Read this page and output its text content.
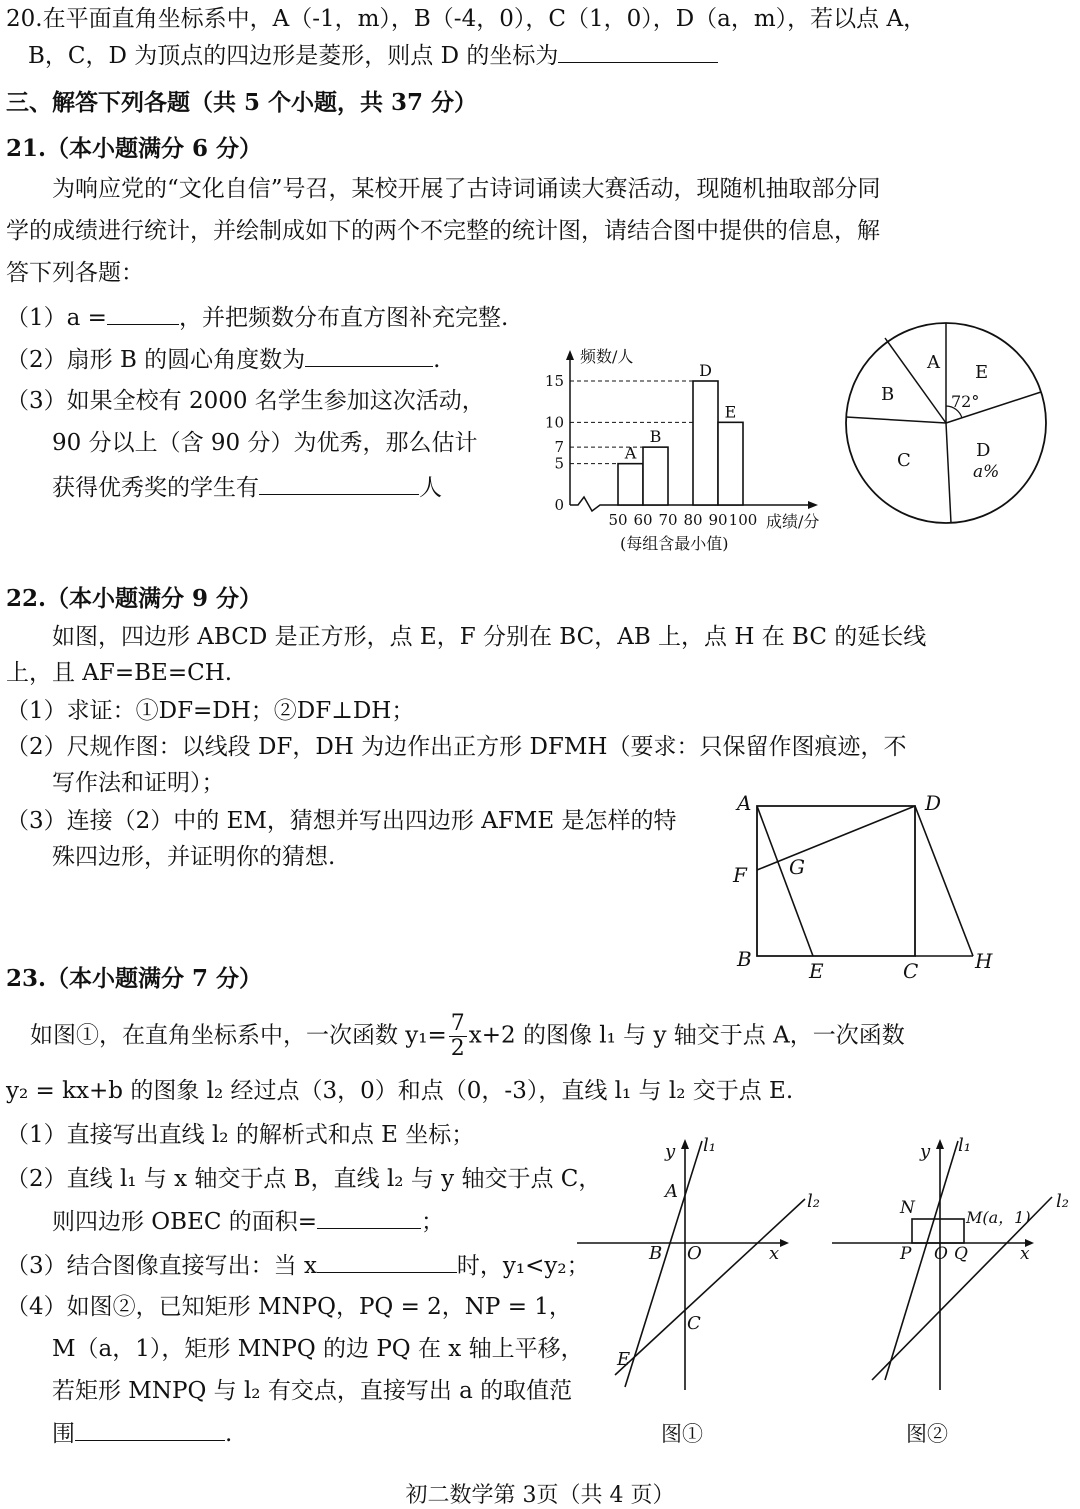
20.在平面直角坐标系中，A（-1，m），B（-4，0），C（1，0），D（a，m），若以点 A，
B，C，D 为顶点的四边形是菱形，则点 D 的坐标为
三、解答下列各题（共 5 个小题，共 37 分）
21.（本小题满分 6 分）
为响应党的“文化自信”号召，某校开展了古诗词诵读大赛活动，现随机抽取部分同
学的成绩进行统计，并绘制成如下的两个不完整的统计图，请结合图中提供的信息，解
答下列各题：
（1）a =	，并把频数分布直方图补充完整.
（2）扇形 B 的圆心角度数为	.
（3）如果全校有 2000 名学生参加这次活动，
90 分以上（含 90 分）为优秀，那么估计
获得优秀奖的学生有	人
0
5
7
10
15
A
B
D
E
50 60 70 80 90 100
频数/人
成绩/分
(每组含最小值)
A
B
C	D
a%
E
72°
22.（本小题满分 9 分）
如图，四边形 ABCD 是正方形，点 E，F 分别在 BC，AB 上，点 H 在 BC 的延长线
上，且 AF=BE=CH.
（1）求证：①DF=DH；②DF⊥DH；
（2）尺规作图：以线段 DF，DH 为边作出正方形 DFMH（要求：只保留作图痕迹，不
写作法和证明）；
（3）连接（2）中的 EM，猜想并写出四边形 AFME 是怎样的特
殊四边形，并证明你的猜想.
A	D
F G
B	E	C	H
23.（本小题满分 7 分）
如图①，在直角坐标系中，一次函数 $y_1= \frac{7}{2} x+2$ 的图像 l₁ 与 y 轴交于点 A，一次函数
y₂ = kx+b 的图象 l₂ 经过点（3，0）和点（0，-3），直线 l₁ 与 l₂ 交于点 E.
（1）直接写出直线 l₂ 的解析式和点 E 坐标；
（2）直线 l₁ 与 x 轴交于点 B，直线 l₂ 与 y 轴交于点 C，
则四边形 OBEC 的面积=	；
（3）结合图像直接写出：当 x	时，y₁<y₂；
（4）如图②，已知矩形 MNPQ，PQ = 2，NP = 1，
M（a，1），矩形 MNPQ 的边 PQ 在 x 轴上平移，
若矩形 MNPQ 与 l₂ 有交点，直接写出 a 的取值范
围	.
y l₁
l₂
A
B O	x
C
E
图①
y l₁
l₂
N	M(a，1)
P O Q	x
图②
初二数学第 3页（共 4 页）
